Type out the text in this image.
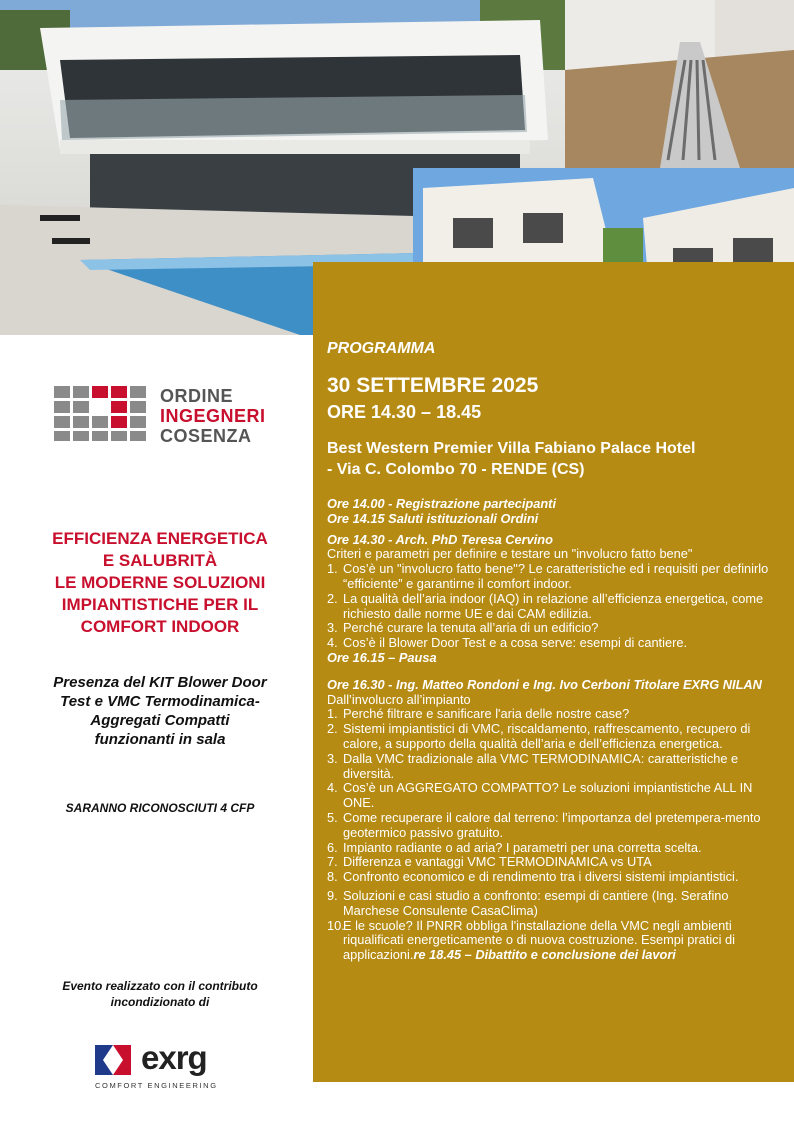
ORDINE
INGEGNERI
COSENZA
EFFICIENZA ENERGETICA
E SALUBRITÀ
LE MODERNE SOLUZIONI
IMPIANTISTICHE PER IL
COMFORT INDOOR
Presenza del KIT Blower Door
Test e VMC Termodinamica-
Aggregati Compatti
funzionanti in sala
SARANNO RICONOSCIUTI 4 CFP
Evento realizzato con il contributo
incondizionato di
exrg
COMFORT ENGINEERING
PROGRAMMA
30 SETTEMBRE 2025
ORE 14.30 – 18.45
Best Western Premier Villa Fabiano Palace Hotel
- Via C. Colombo 70 - RENDE (CS)
Ore 14.00 - Registrazione partecipanti
Ore 14.15 Saluti istituzionali Ordini
Ore 14.30 - Arch. PhD Teresa Cervino
Criteri e parametri per definire e testare un "involucro fatto bene"
1. Cos’è un "involucro fatto bene"? Le caratteristiche ed i requisiti per definirlo “efficiente” e garantirne il comfort indoor.
2. La qualità dell’aria indoor (IAQ) in relazione all’efficienza energetica, come richiesto dalle norme UE e dai CAM edilizia.
3. Perché curare la tenuta all’aria di un edificio?
4. Cos’è il Blower Door Test e a cosa serve: esempi di cantiere.
Ore 16.15 – Pausa
Ore 16.30 - Ing. Matteo Rondoni e Ing. Ivo Cerboni Titolare EXRG NILAN
Dall’involucro all’impianto
1. Perché filtrare e sanificare l'aria delle nostre case?
2. Sistemi impiantistici di VMC, riscaldamento, raffrescamento, recupero di calore, a supporto della qualità dell’aria e dell’efficienza energetica.
3. Dalla VMC tradizionale alla VMC TERMODINAMICA: caratteristiche e diversità.
4. Cos’è un AGGREGATO COMPATTO? Le soluzioni impiantistiche ALL IN ONE.
5. Come recuperare il calore dal terreno: l’importanza del pretempera-mento geotermico passivo gratuito.
6. Impianto radiante o ad aria? I parametri per una corretta scelta.
7. Differenza e vantaggi VMC TERMODINAMICA vs UTA
8. Confronto economico e di rendimento tra i diversi sistemi impiantistici.
9. Soluzioni e casi studio a confronto: esempi di cantiere (Ing. Serafino Marchese Consulente CasaClima)
10.
E le scuole? Il PNRR obbliga l'installazione della VMC negli ambienti riqualificati energeticamente o di nuova costruzione. Esempi pratici di applicazioni.re 18.45 – Dibattito e conclusione dei lavori
